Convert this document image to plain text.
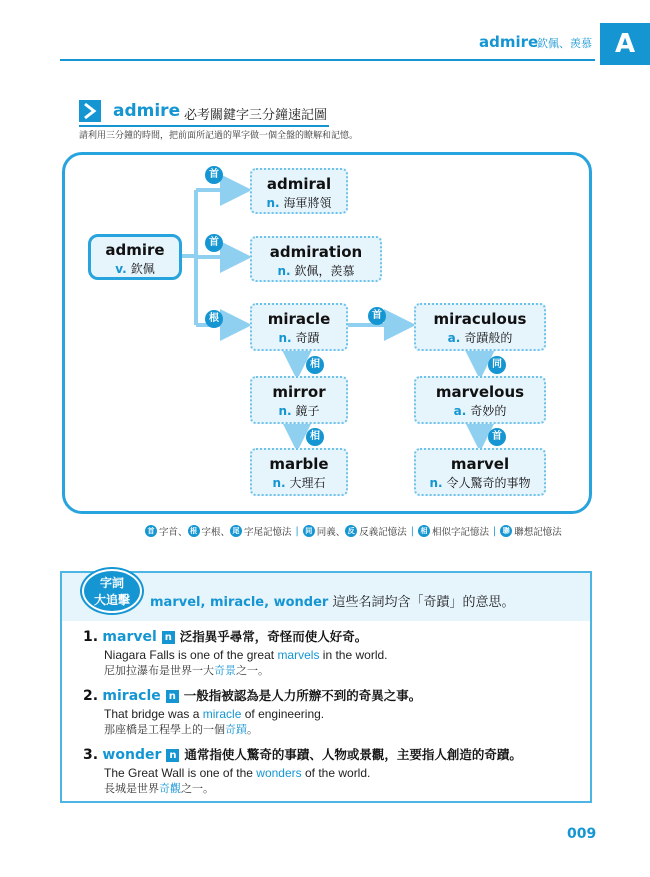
admire
欽佩、羨慕 A
admire 必考關鍵字三分鐘速記圖
請利用三分鐘的時間，把前面所記過的單字做一個全盤的瞭解和記憶。
admire
v. 欽佩
admiral
n. 海軍將領
admiration
n. 欽佩，羨慕
miracle
n. 奇蹟
mirror
n. 鏡子
marble
n. 大理石
miraculous
a. 奇蹟般的
marvelous
a. 奇妙的
marvel
n. 令人驚奇的事物
首
首
根	首
相
相
同
首
首 字首、 根 字根、 尾 字尾記憶法 | 同 同義、 反 反義記憶法 | 相 相似字記憶法 | 聯 聯想記憶法
字詞
大追擊	marvel, miracle, wonder 這些名詞均含「奇蹟」的意思。
1. marvel n 泛指異乎尋常，奇怪而使人好奇。
Niagara Falls is one of the great marvels in the world.
尼加拉瀑布是世界一大奇景之一。
2. miracle n 一般指被認為是人力所辦不到的奇異之事。
That bridge was a miracle of engineering.
那座橋是工程學上的一個奇蹟。
3. wonder n 通常指使人驚奇的事蹟、人物或景觀，主要指人創造的奇蹟。
The Great Wall is one of the wonders of the world.
長城是世界奇觀之一。
009
